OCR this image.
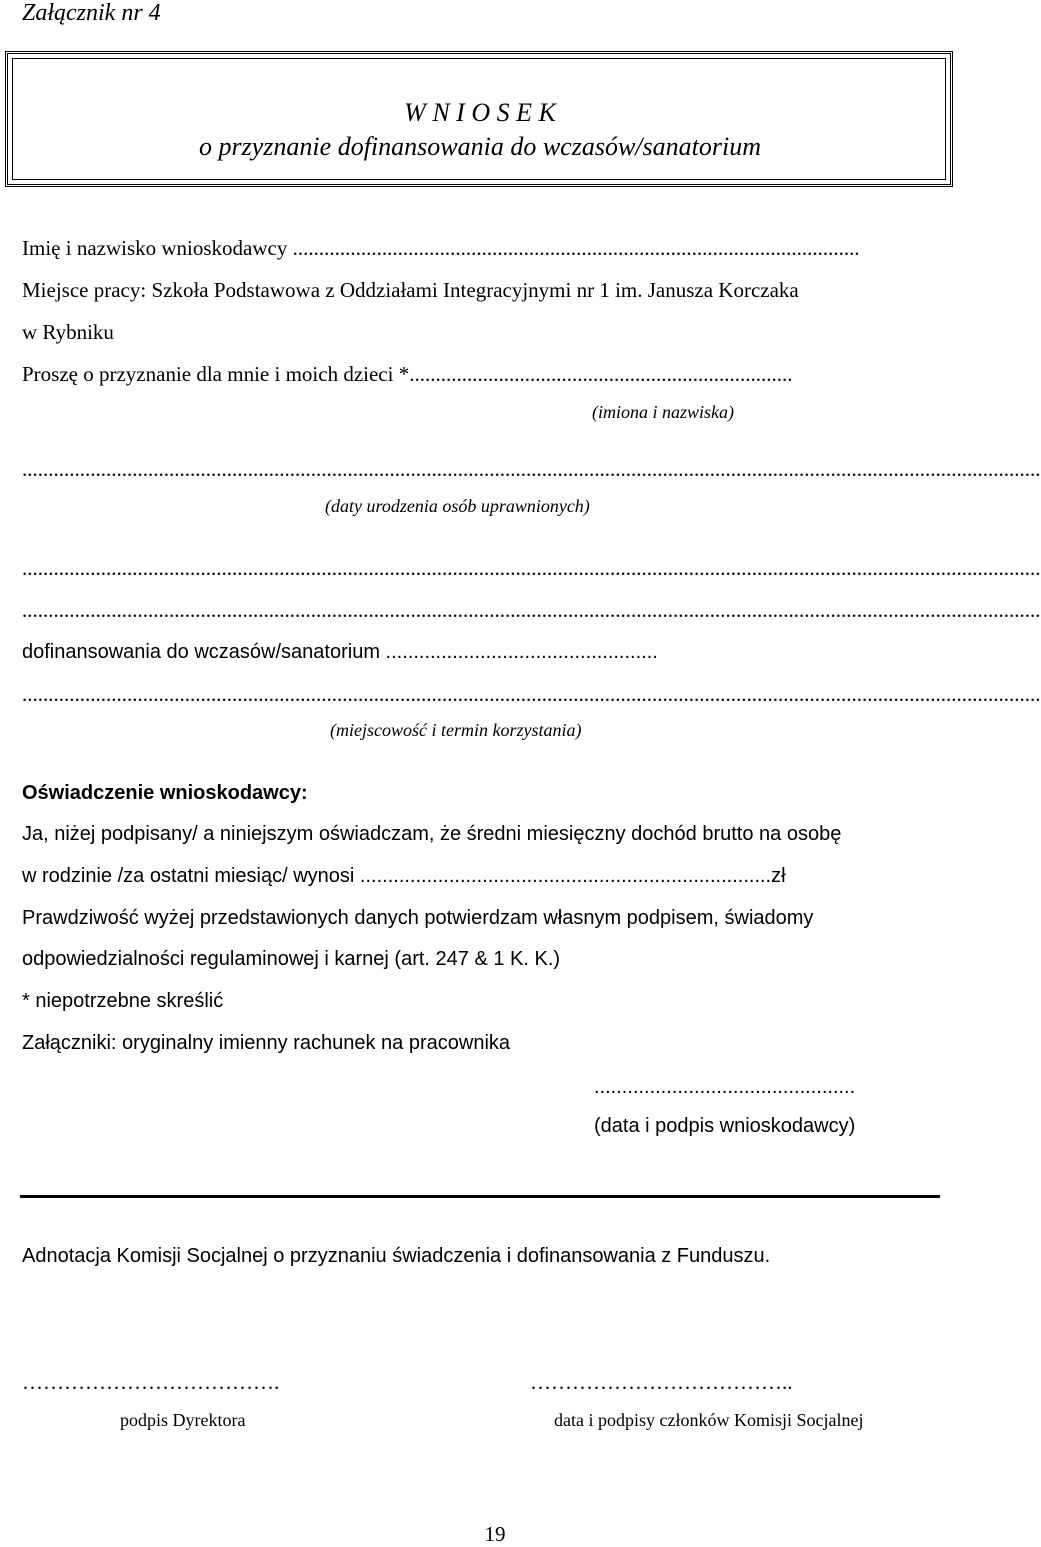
Załącznik nr 4
W N I O S E K
o przyznanie dofinansowania do wczasów/sanatorium
Imię i nazwisko wnioskodawcy ............................................................................................................
Miejsce pracy: Szkoła Podstawowa z Oddziałami Integracyjnymi nr 1 im. Janusza Korczaka
w Rybniku
Proszę o przyznanie dla mnie i moich dzieci *.........................................................................
(imiona i nazwiska)
..................................................................................................................................................................................................
(daty urodzenia osób uprawnionych)
..................................................................................................................................................................................................
..................................................................................................................................................................................................
dofinansowania do wczasów/sanatorium .................................................
..................................................................................................................................................................................................
(miejscowość i termin korzystania)
Oświadczenie wnioskodawcy:
Ja, niżej podpisany/ a niniejszym oświadczam, że średni miesięczny dochód brutto na osobę
w rodzinie /za ostatni miesiąc/ wynosi ..........................................................................zł
Prawdziwość wyżej przedstawionych danych potwierdzam własnym podpisem, świadomy
odpowiedzialności regulaminowej i karnej (art. 247 & 1 K. K.)
* niepotrzebne skreślić
Załączniki: oryginalny imienny rachunek na pracownika
...............................................
(data i podpis wnioskodawcy)
Adnotacja Komisji Socjalnej o przyznaniu świadczenia i dofinansowania z Funduszu.
……………………………….	………………………………..
podpis Dyrektora	data i podpisy członków Komisji Socjalnej
19
